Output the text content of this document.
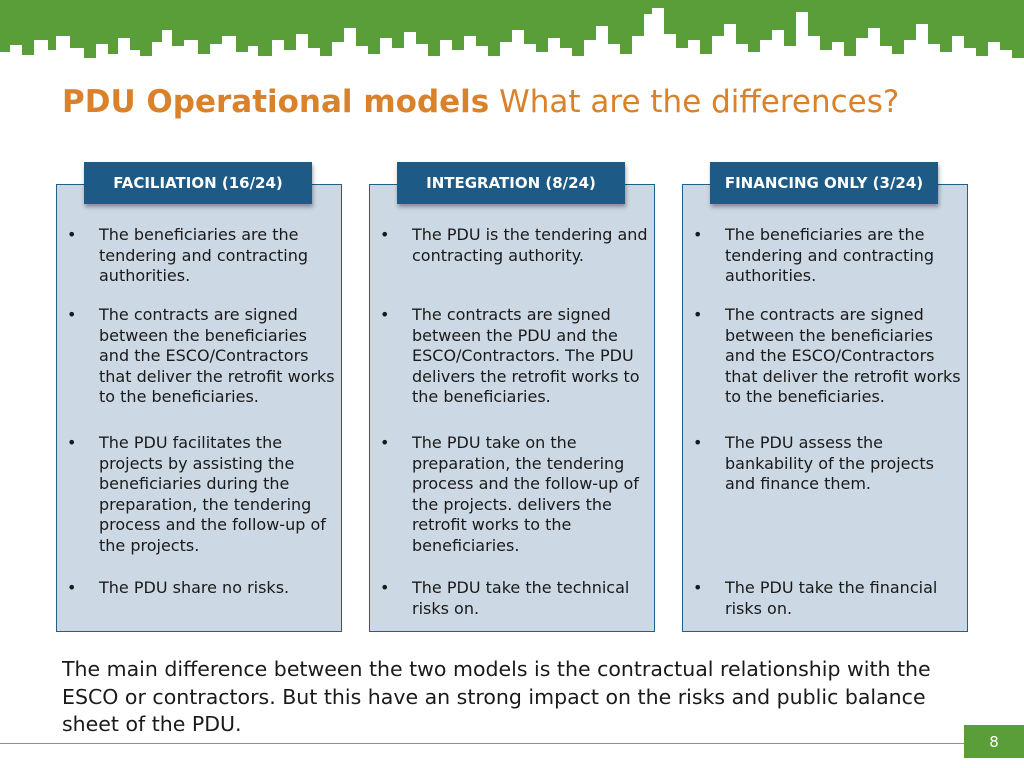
PDU Operational models What are the differences?
• The beneficiaries are the tendering and contracting authorities.
• The contracts are signed between the beneficiaries and the ESCO/Contractors that deliver the retrofit works to the beneficiaries.
• The PDU facilitates the projects by assisting the beneficiaries during the preparation, the tendering process and the follow-up of the projects.
• The PDU share no risks.
FACILIATION (16/24)
• The PDU is the tendering and contracting authority.
• The contracts are signed between the PDU and the ESCO/Contractors. The PDU delivers the retrofit works to the beneficiaries.
• The PDU take on the preparation, the tendering process and the follow-up of the projects. delivers the retrofit works to the beneficiaries.
• The PDU take the technical risks on.
INTEGRATION (8/24)
• The beneficiaries are the tendering and contracting authorities.
• The contracts are signed between the beneficiaries and the ESCO/Contractors that deliver the retrofit works to the beneficiaries.
• The PDU assess the bankability of the projects and finance them.
• The PDU take the financial risks on.
FINANCING ONLY (3/24)
The main difference between the two models is the contractual relationship with the ESCO or contractors. But this have an strong impact on the risks and public balance sheet of the PDU.
8
